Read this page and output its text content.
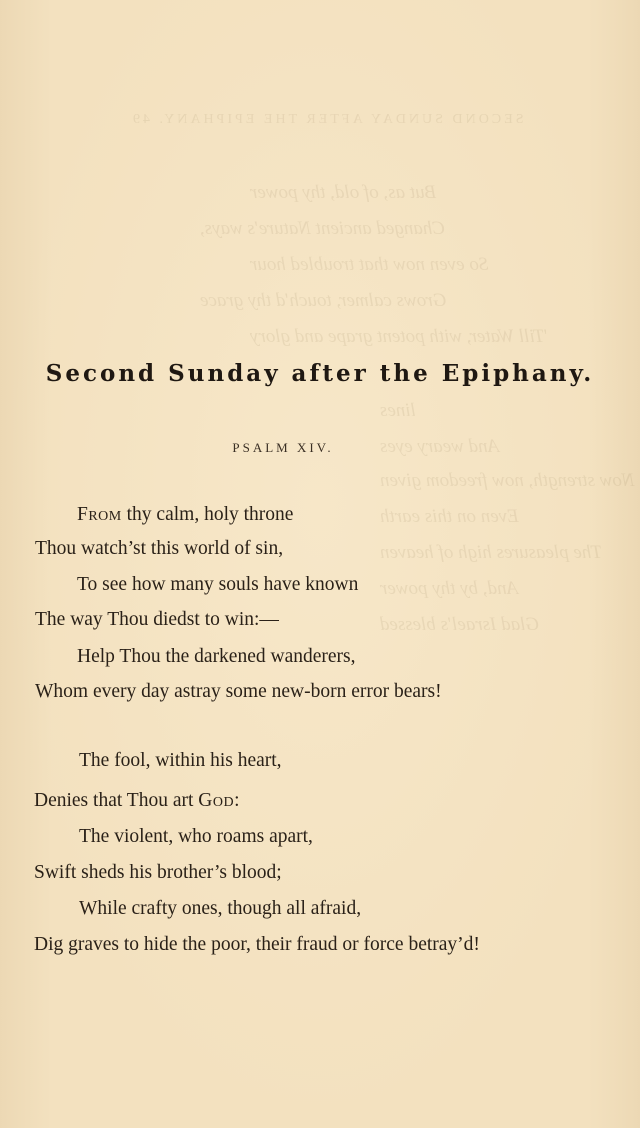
SECOND SUNDAY AFTER THE EPIPHANY. 49
But as, of old, thy power
Changed ancient Nature's ways,
So even now that troubled hour
Grows calmer, touch'd thy grace
'Till Water, with potent grape and glory
lines
And weary eyes
Now strength, now freedom given
Even on this earth
The pleasures high of heaven
And, by thy power
Glad Israel's blessed
Second Sunday after the Epiphany.
PSALM XIV.
From thy calm, holy throne
Thou watch’st this world of sin,
To see how many souls have known
The way Thou diedst to win:—
Help Thou the darkened wanderers,
Whom every day astray some new-born error bears!
The fool, within his heart,
Denies that Thou art God:
The violent, who roams apart,
Swift sheds his brother’s blood;
While crafty ones, though all afraid,
Dig graves to hide the poor, their fraud or force betray’d!
